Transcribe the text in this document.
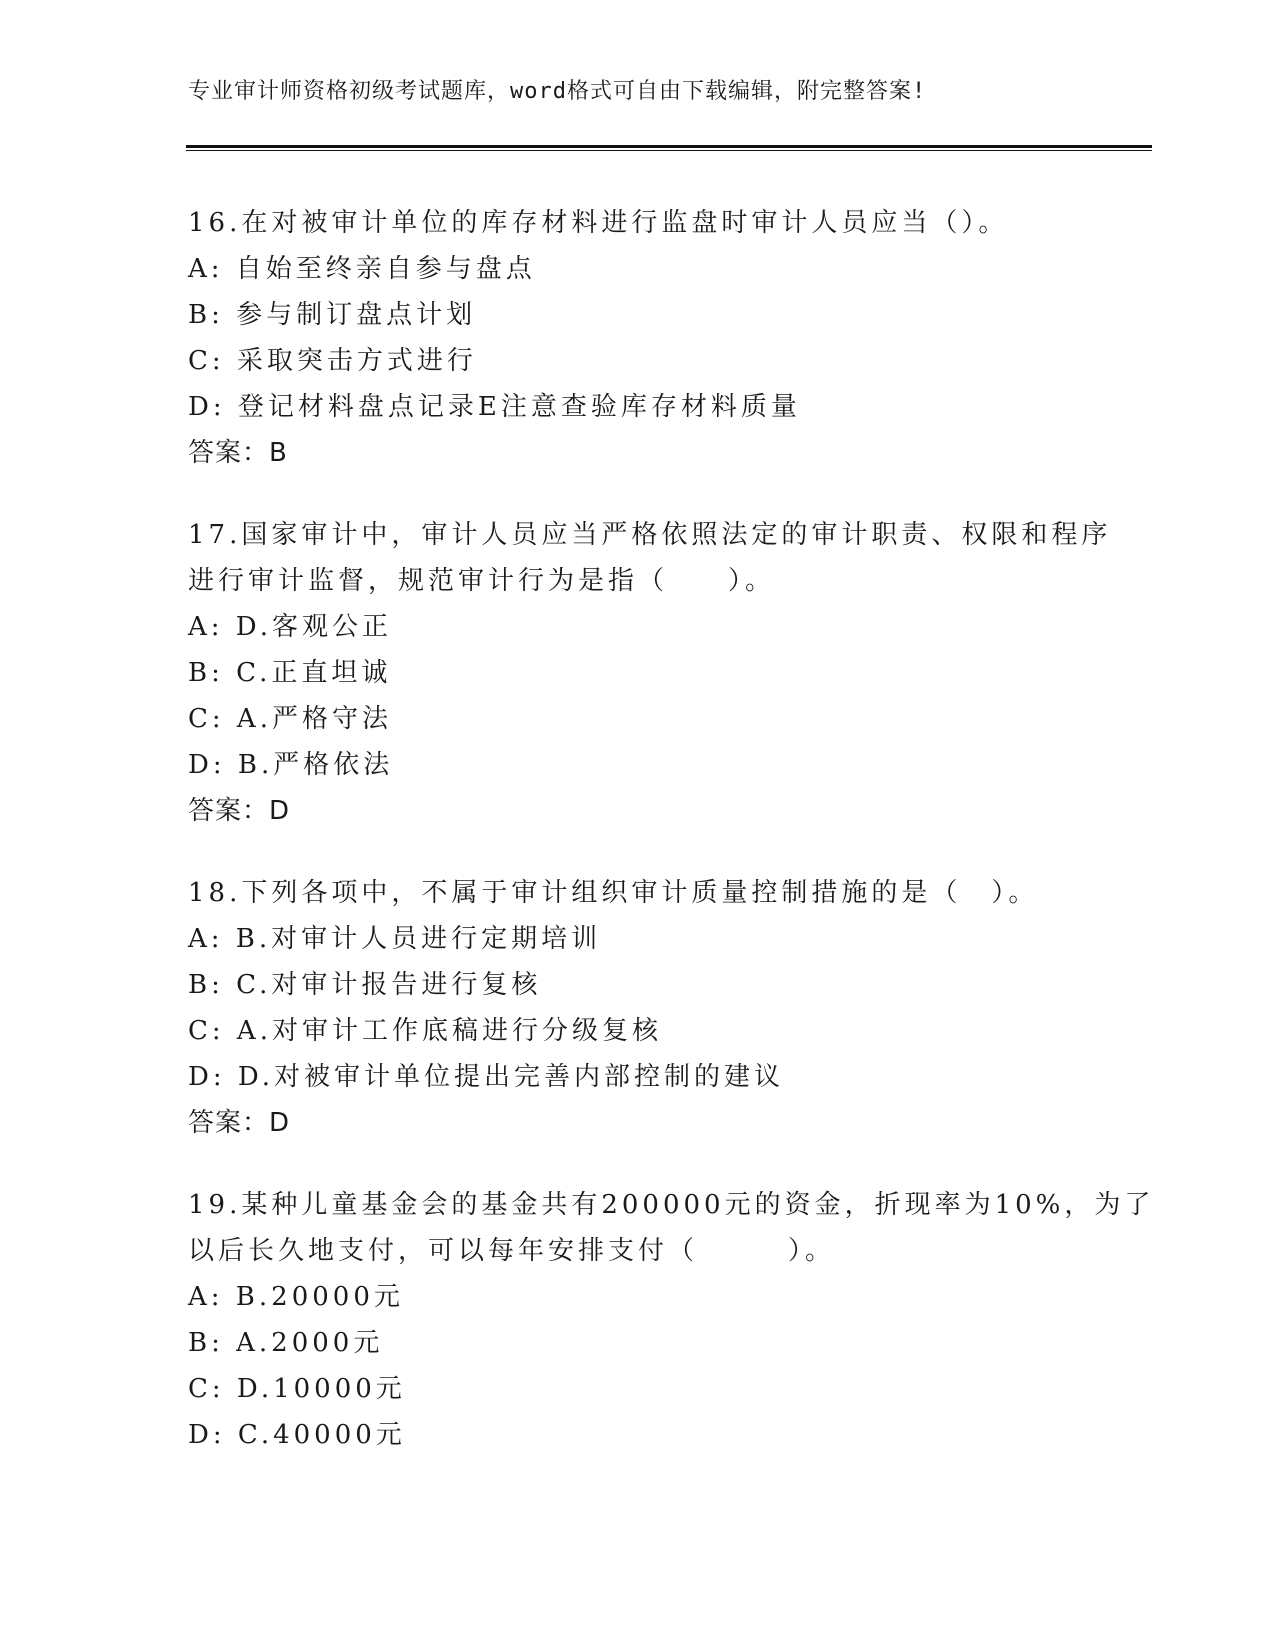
专业审计师资格初级考试题库，word格式可自由下载编辑，附完整答案!
16.在对被审计单位的库存材料进行监盘时审计人员应当（）。
A: 自始至终亲自参与盘点
B: 参与制订盘点计划
C: 采取突击方式进行
D: 登记材料盘点记录E注意查验库存材料质量
答案：B
17.国家审计中，审计人员应当严格依照法定的审计职责、权限和程序
进行审计监督，规范审计行为是指（　　）。
A: D.客观公正
B: C.正直坦诚
C: A.严格守法
D: B.严格依法
答案：D
18.下列各项中，不属于审计组织审计质量控制措施的是（　）。
A: B.对审计人员进行定期培训
B: C.对审计报告进行复核
C: A.对审计工作底稿进行分级复核
D: D.对被审计单位提出完善内部控制的建议
答案：D
19.某种儿童基金会的基金共有200000元的资金，折现率为10%，为了
以后长久地支付，可以每年安排支付（　　　）。
A: B.20000元
B: A.2000元
C: D.10000元
D: C.40000元
